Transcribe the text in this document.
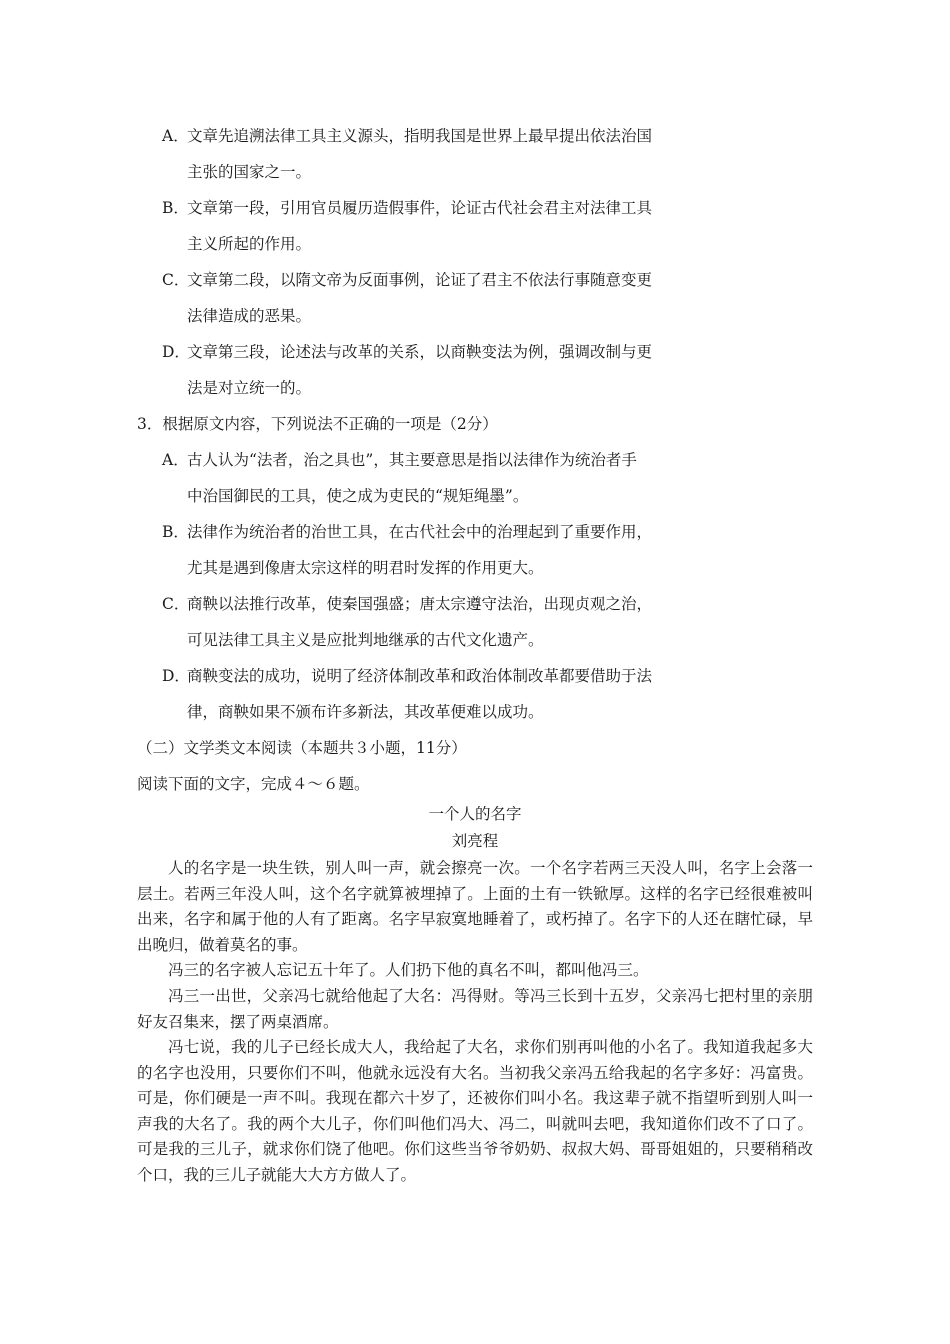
A．
文章先追溯法律工具主义源头，指明我国是世界上最早提出依法治国
主张的国家之一。
B．
文章第一段，引用官员履历造假事件，论证古代社会君主对法律工具
主义所起的作用。
C．
文章第二段，以隋文帝为反面事例，论证了君主不依法行事随意变更
法律造成的恶果。
D．
文章第三段，论述法与改革的关系，以商鞅变法为例，强调改制与更
法是对立统一的。
3．根据原文内容，下列说法不正确的一项是（2分）
A．
古人认为“法者，治之具也”，其主要意思是指以法律作为统治者手
中治国御民的工具，使之成为吏民的“规矩绳墨”。
B．
法律作为统治者的治世工具，在古代社会中的治理起到了重要作用，
尤其是遇到像唐太宗这样的明君时发挥的作用更大。
C．
商鞅以法推行改革，使秦国强盛；唐太宗遵守法治，出现贞观之治，
可见法律工具主义是应批判地继承的古代文化遗产。
D．
商鞅变法的成功，说明了经济体制改革和政治体制改革都要借助于法
律，商鞅如果不颁布许多新法，其改革便难以成功。
（二）文学类文本阅读（本题共３小题，11分）
阅读下面的文字，完成４～６题。
一个人的名字
刘亮程

人的名字是一块生铁，别人叫一声，就会擦亮一次。一个名字若两三天没人叫，名字上会落一层土。若两三年没人叫，这个名字就算被埋掉了。上面的土有一铁锨厚。这样的名字已经很难被叫出来，名字和属于他的人有了距离。名字早寂寞地睡着了，或朽掉了。名字下的人还在瞎忙碌，早出晚归，做着莫名的事。

冯三的名字被人忘记五十年了。人们扔下他的真名不叫，都叫他冯三。

冯三一出世，父亲冯七就给他起了大名：冯得财。等冯三长到十五岁，父亲冯七把村里的亲朋好友召集来，摆了两桌酒席。

冯七说，我的儿子已经长成大人，我给起了大名，求你们别再叫他的小名了。我知道我起多大的名字也没用，只要你们不叫，他就永远没有大名。当初我父亲冯五给我起的名字多好：冯富贵。可是，你们硬是一声不叫。我现在都六十岁了，还被你们叫小名。我这辈子就不指望听到别人叫一声我的大名了。我的两个大儿子，你们叫他们冯大、冯二，叫就叫去吧，我知道你们改不了口了。可是我的三儿子，就求你们饶了他吧。你们这些当爷爷奶奶、叔叔大妈、哥哥姐姐的，只要稍稍改个口，我的三儿子就能大大方方做人了。
